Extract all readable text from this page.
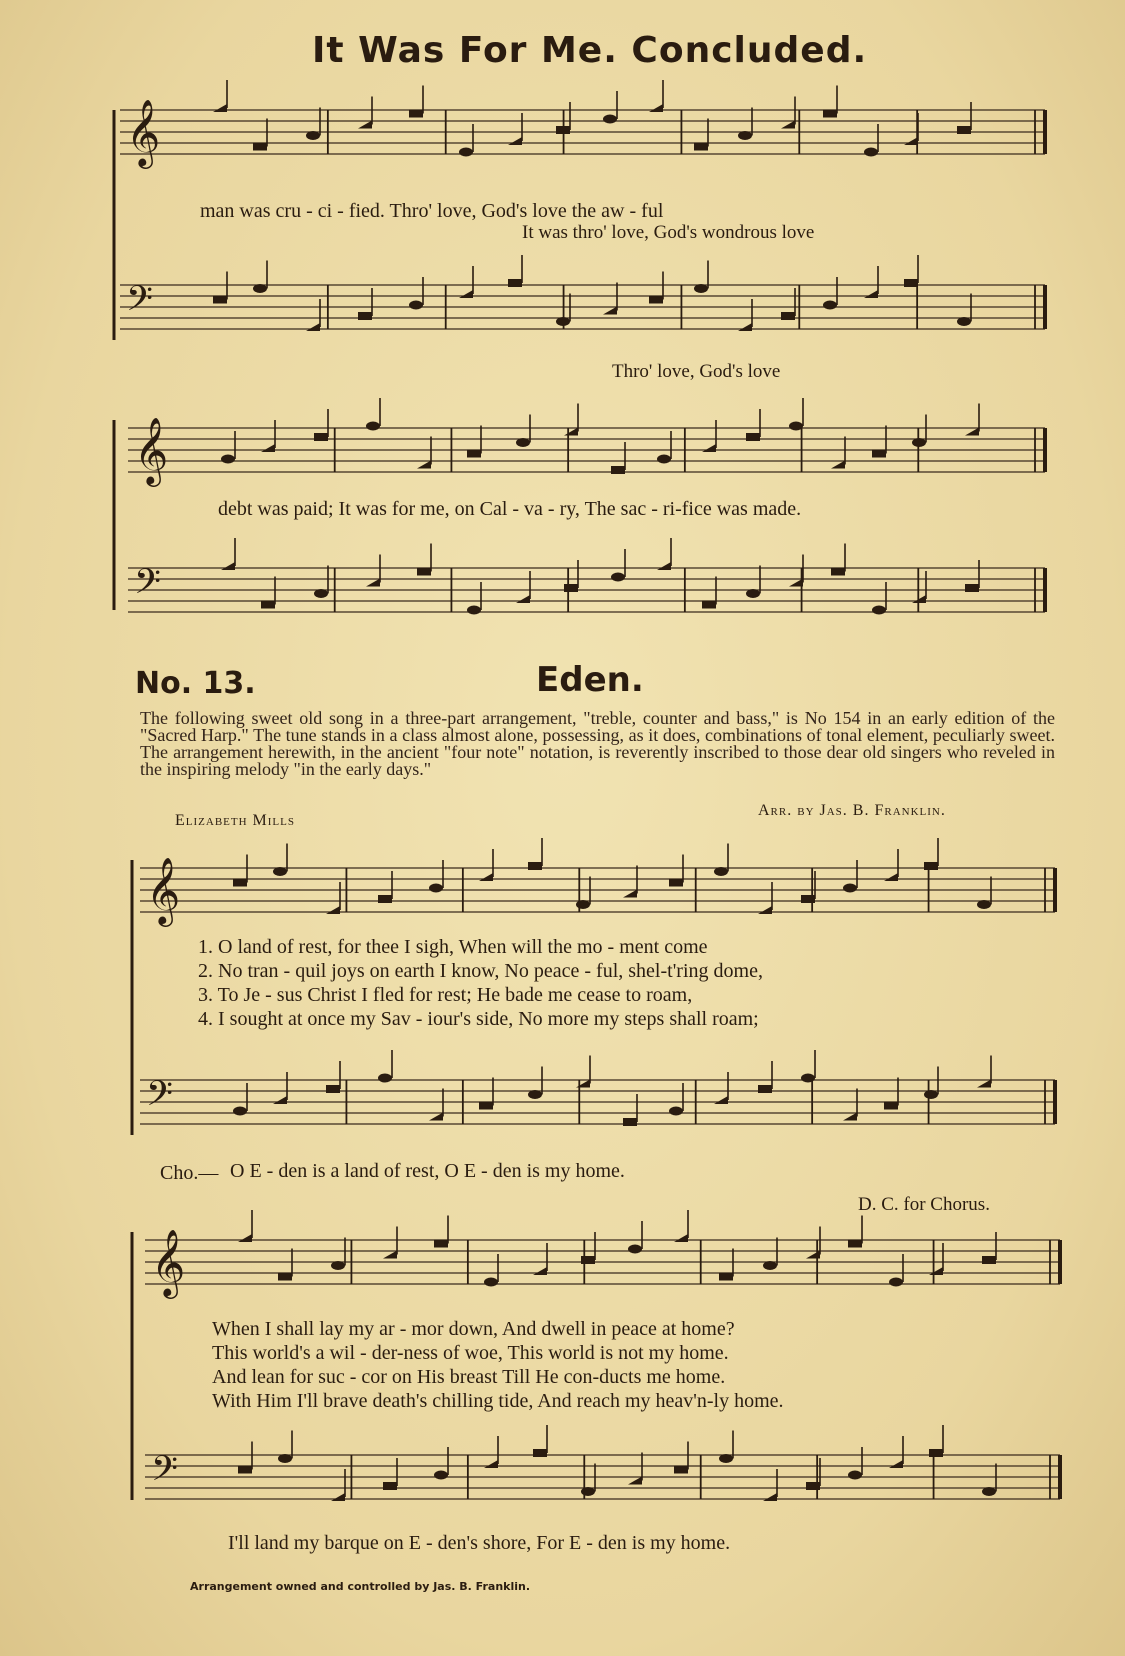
𝄞
𝄢
𝄞
𝄢
𝄞
𝄢
𝄞
𝄢
It Was For Me. Concluded.
man was cru - ci - fied. Thro' love, God's love the aw - ful
It was thro' love, God's wondrous love
Thro' love, God's love
debt was paid; It was for me, on Cal - va - ry, The sac - ri-fice was made.
No. 13.	Eden.

The following sweet old song in a three-part arrangement, "treble, counter and bass," is No 154 in an early edition of the "Sacred Harp." The tune stands in a class almost alone, possessing, as it does, combinations of tonal element, peculiarly sweet. The arrangement herewith, in the ancient "four note" notation, is reverently inscribed to those dear old singers who reveled in the inspiring melody "in the early days."

Elizabeth Mills
Arr. by Jas. B. Franklin.
1. O land of rest, for thee I sigh, When will the mo - ment come
2. No tran - quil joys on earth I know, No peace - ful, shel-t'ring dome,
3. To Je - sus Christ I fled for rest; He bade me cease to roam,
4. I sought at once my Sav - iour's side, No more my steps shall roam;
Cho.— O E - den is a land of rest, O E - den is my home.
D. C. for Chorus.
When I shall lay my ar - mor down, And dwell in peace at home?
This world's a wil - der-ness of woe, This world is not my home.
And lean for suc - cor on His breast Till He con-ducts me home.
With Him I'll brave death's chilling tide, And reach my heav'n-ly home.
I'll land my barque on E - den's shore, For E - den is my home.
Arrangement owned and controlled by Jas. B. Franklin.
